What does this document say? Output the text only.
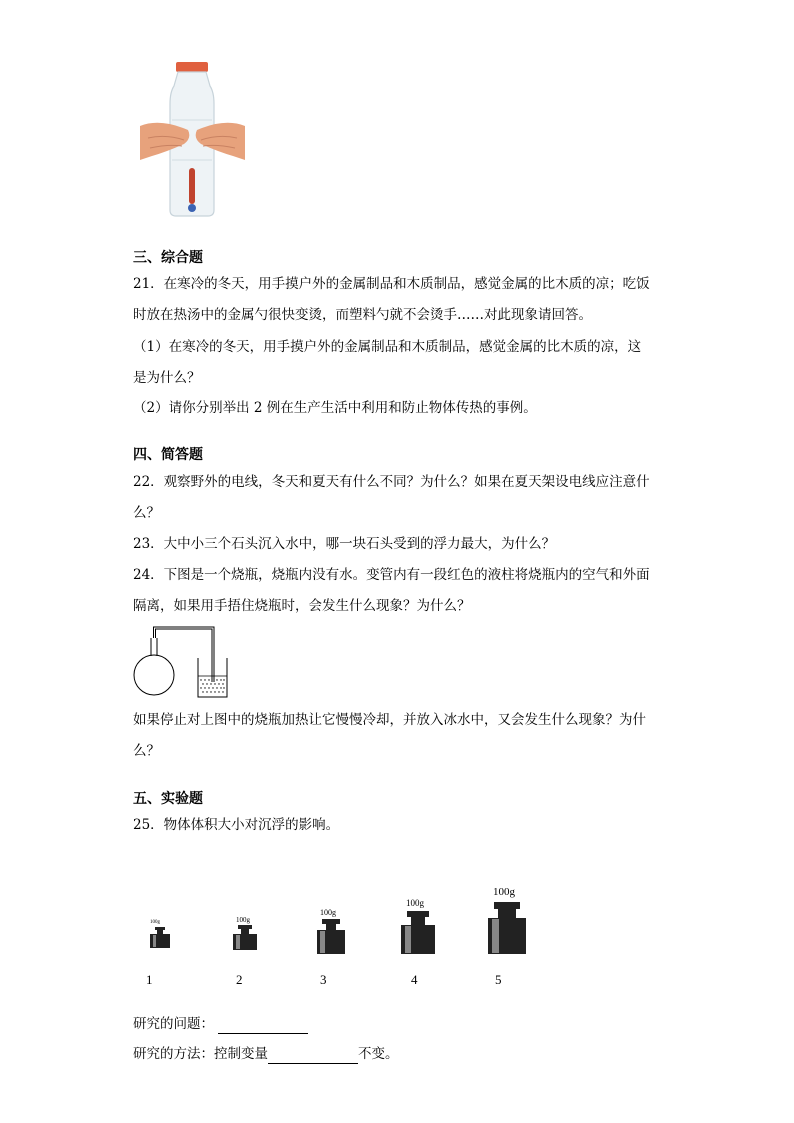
三、综合题
21．在寒冷的冬天，用手摸户外的金属制品和木质制品，感觉金属的比木质的凉；吃饭
时放在热汤中的金属勺很快变烫，而塑料勺就不会烫手……对此现象请回答。
（1）在寒冷的冬天，用手摸户外的金属制品和木质制品，感觉金属的比木质的凉，这
是为什么？
（2）请你分别举出 2 例在生产生活中利用和防止物体传热的事例。
四、简答题
22．观察野外的电线，冬天和夏天有什么不同？为什么？如果在夏天架设电线应注意什
么？
23．大中小三个石头沉入水中，哪一块石头受到的浮力最大，为什么？
24．下图是一个烧瓶，烧瓶内没有水。变管内有一段红色的液柱将烧瓶内的空气和外面
隔离，如果用手捂住烧瓶时，会发生什么现象？为什么？
如果停止对上图中的烧瓶加热让它慢慢冷却，并放入冰水中，又会发生什么现象？为什
么？
五、实验题
25．物体体积大小对沉浮的影响。
100g	100g
100g
100g
100g
1	2	3	4	5
研究的问题：
研究的方法：控制变量	不变。
